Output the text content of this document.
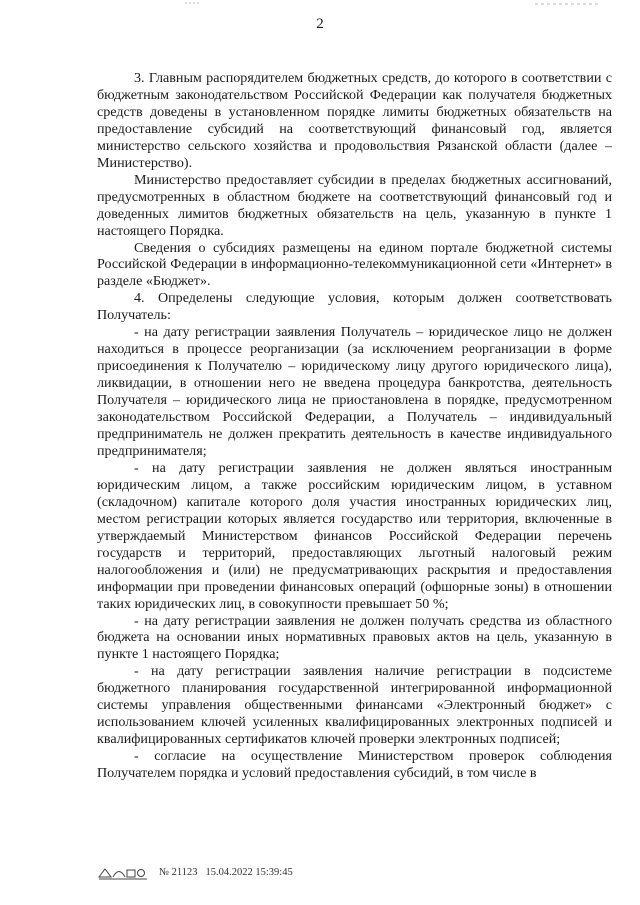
2

3. Главным распорядителем бюджетных средств, до которого в соответствии с бюджетным законодательством Российской Федерации как получателя бюджетных средств доведены в установленном порядке лимиты бюджетных обязательств на предоставление субсидий на соответствующий финансовый год, является министерство сельского хозяйства и продовольствия Рязанской области (далее – Министерство).

Министерство предоставляет субсидии в пределах бюджетных ассигнований, предусмотренных в областном бюджете на соответствующий финансовый год и доведенных лимитов бюджетных обязательств на цель, указанную в пункте 1 настоящего Порядка.

Сведения о субсидиях размещены на едином портале бюджетной системы Российской Федерации в информационно-телекоммуникационной сети «Интернет» в разделе «Бюджет».

4. Определены следующие условия, которым должен соответствовать Получатель:

- на дату регистрации заявления Получатель – юридическое лицо не должен находиться в процессе реорганизации (за исключением реорганизации в форме присоединения к Получателю – юридическому лицу другого юридического лица), ликвидации, в отношении него не введена процедура банкротства, деятельность Получателя – юридического лица не приостановлена в порядке, предусмотренном законодательством Российской Федерации, а Получатель – индивидуальный предприниматель не должен прекратить деятельность в качестве индивидуального предпринимателя;

- на дату регистрации заявления не должен являться иностранным юридическим лицом, а также российским юридическим лицом, в уставном (складочном) капитале которого доля участия иностранных юридических лиц, местом регистрации которых является государство или территория, включенные в утверждаемый Министерством финансов Российской Федерации перечень государств и территорий, предоставляющих льготный налоговый режим налогообложения и (или) не предусматривающих раскрытия и предоставления информации при проведении финансовых операций (офшорные зоны) в отношении таких юридических лиц, в совокупности превышает 50 %;

- на дату регистрации заявления не должен получать средства из областного бюджета на основании иных нормативных правовых актов на цель, указанную в пункте 1 настоящего Порядка;

- на дату регистрации заявления наличие регистрации в подсистеме бюджетного планирования государственной интегрированной информационной системы управления общественными финансами «Электронный бюджет» с использованием ключей усиленных квалифицированных электронных подписей и квалифицированных сертификатов ключей проверки электронных подписей;

- согласие на осуществление Министерством проверок соблюдения Получателем порядка и условий предоставления субсидий, в том числе в

№ 21123 15.04.2022 15:39:45
